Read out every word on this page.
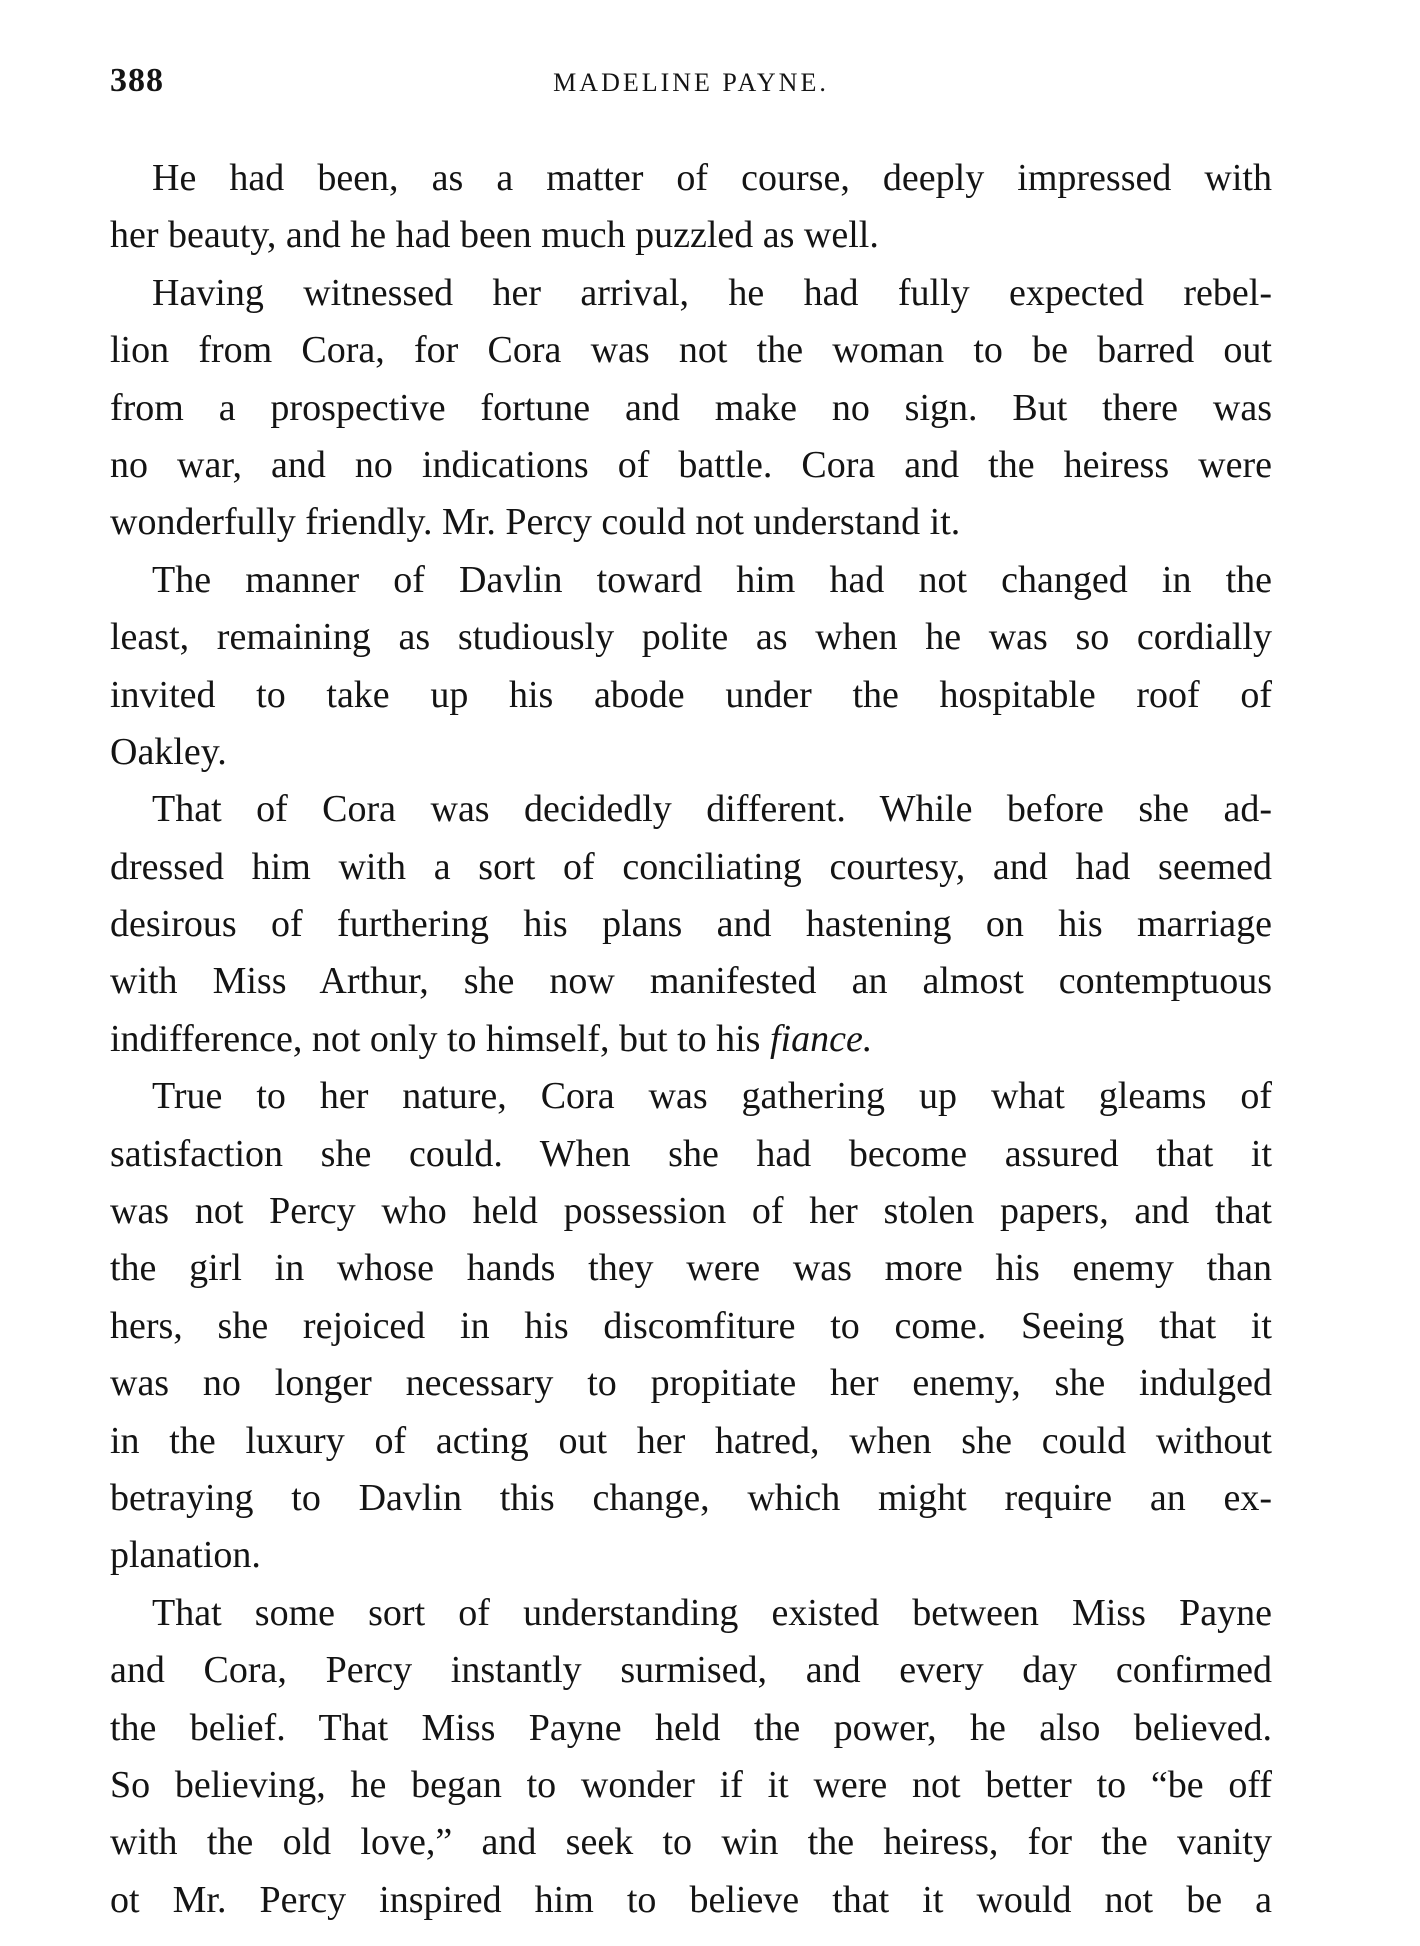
388	MADELINE PAYNE.
He had been, as a matter of course, deeply impressed with
her beauty, and he had been much puzzled as well.
Having witnessed her arrival, he had fully expected rebel-
lion from Cora, for Cora was not the woman to be barred out
from a prospective fortune and make no sign. But there was
no war, and no indications of battle. Cora and the heiress were
wonderfully friendly. Mr. Percy could not understand it.
The manner of Davlin toward him had not changed in the
least, remaining as studiously polite as when he was so cordially
invited to take up his abode under the hospitable roof of
Oakley.
That of Cora was decidedly different. While before she ad-
dressed him with a sort of conciliating courtesy, and had seemed
desirous of furthering his plans and hastening on his marriage
with Miss Arthur, she now manifested an almost contemptuous
indifference, not only to himself, but to his fiance.
True to her nature, Cora was gathering up what gleams of
satisfaction she could. When she had become assured that it
was not Percy who held possession of her stolen papers, and that
the girl in whose hands they were was more his enemy than
hers, she rejoiced in his discomfiture to come. Seeing that it
was no longer necessary to propitiate her enemy, she indulged
in the luxury of acting out her hatred, when she could without
betraying to Davlin this change, which might require an ex-
planation.
That some sort of understanding existed between Miss Payne
and Cora, Percy instantly surmised, and every day confirmed
the belief. That Miss Payne held the power, he also believed.
So believing, he began to wonder if it were not better to “be off
with the old love,” and seek to win the heiress, for the vanity
ot Mr. Percy inspired him to believe that it would not be a
